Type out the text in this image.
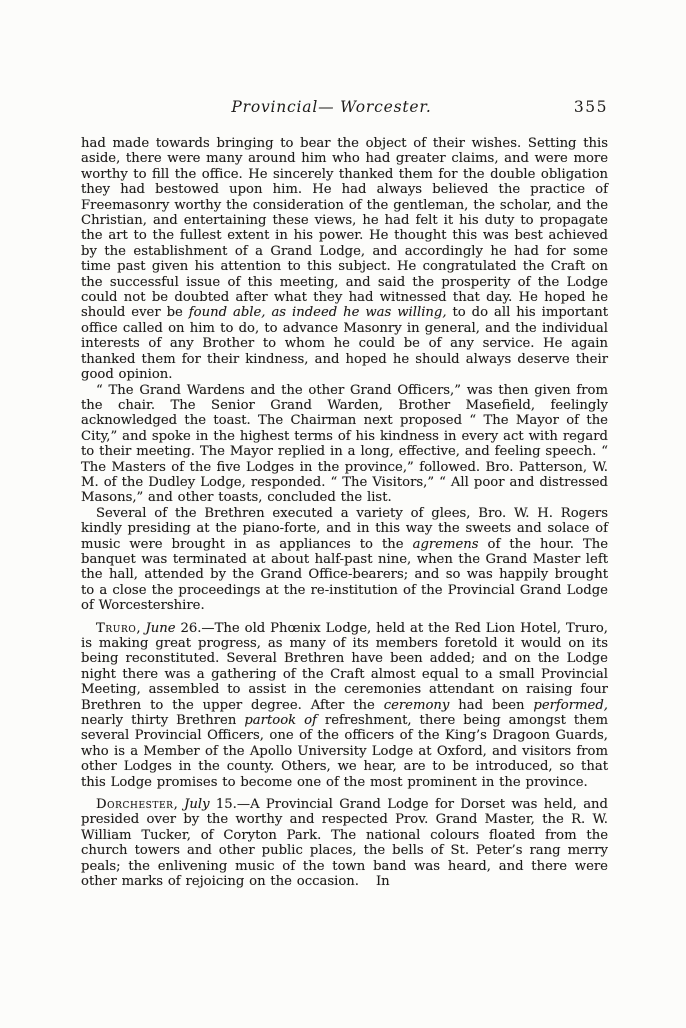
Provincial— Worcester.	355

had made towards bringing to bear the object of their wishes. Setting this aside, there were many around him who had greater claims, and were more worthy to fill the office. He sincerely thanked them for the double obligation they had bestowed upon him. He had always believed the practice of Freemasonry worthy the consideration of the gentleman, the scholar, and the Christian, and entertaining these views, he had felt it his duty to propagate the art to the fullest extent in his power. He thought this was best achieved by the establishment of a Grand Lodge, and accordingly he had for some time past given his attention to this subject. He congratulated the Craft on the successful issue of this meeting, and said the prosperity of the Lodge could not be doubted after what they had witnessed that day. He hoped he should ever be found able, as indeed he was willing, to do all his important office called on him to do, to advance Masonry in general, and the individual interests of any Brother to whom he could be of any service. He again thanked them for their kindness, and hoped he should always deserve their good opinion.

“ The Grand Wardens and the other Grand Officers,” was then given from the chair. The Senior Grand Warden, Brother Masefield, feelingly acknowledged the toast. The Chairman next proposed “ The Mayor of the City,” and spoke in the highest terms of his kindness in every act with regard to their meeting. The Mayor replied in a long, effective, and feeling speech. “ The Masters of the five Lodges in the province,” followed. Bro. Patterson, W. M. of the Dudley Lodge, responded. “ The Visitors,” “ All poor and distressed Masons,” and other toasts, concluded the list.

Several of the Brethren executed a variety of glees, Bro. W. H. Rogers kindly presiding at the piano-forte, and in this way the sweets and solace of music were brought in as appliances to the agremens of the hour. The banquet was terminated at about half-past nine, when the Grand Master left the hall, attended by the Grand Office-bearers; and so was happily brought to a close the proceedings at the re-institution of the Provincial Grand Lodge of Worcestershire.

Truro, June 26.—The old Phœnix Lodge, held at the Red Lion Hotel, Truro, is making great progress, as many of its members foretold it would on its being reconstituted. Several Brethren have been added; and on the Lodge night there was a gathering of the Craft almost equal to a small Provincial Meeting, assembled to assist in the ceremonies attendant on raising four Brethren to the upper degree. After the ceremony had been performed, nearly thirty Brethren partook of refreshment, there being amongst them several Provincial Officers, one of the officers of the King’s Dragoon Guards, who is a Member of the Apollo University Lodge at Oxford, and visitors from other Lodges in the county. Others, we hear, are to be introduced, so that this Lodge promises to become one of the most prominent in the province.

Dorchester, July 15.—A Provincial Grand Lodge for Dorset was held, and presided over by the worthy and respected Prov. Grand Master, the R. W. William Tucker, of Coryton Park. The national colours floated from the church towers and other public places, the bells of St. Peter’s rang merry peals; the enlivening music of the town band was heard, and there were other marks of rejoicing on the occasion. In
